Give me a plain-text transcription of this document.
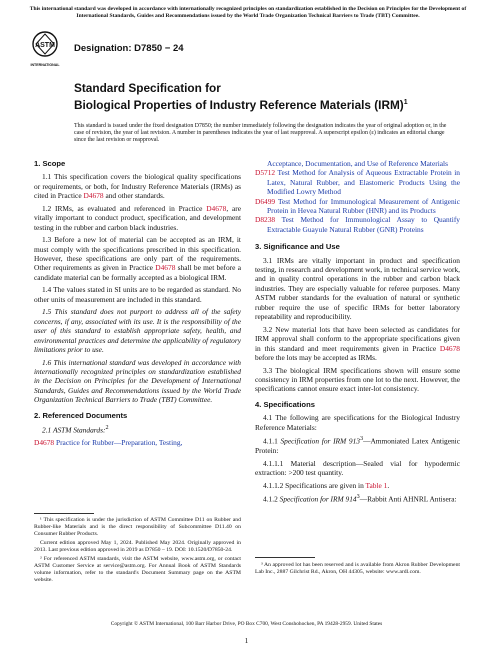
This international standard was developed in accordance with internationally recognized principles on standardization established in the Decision on Principles for the Development of International Standards, Guides and Recommendations issued by the World Trade Organization Technical Barriers to Trade (TBT) Committee.
ASTM
INTERNATIONAL
Designation: D7850 − 24
Standard Specification for
Biological Properties of Industry Reference Materials (IRM)$^1$
This standard is issued under the fixed designation D7850; the number immediately following the designation indicates the year of original adoption or, in the case of revision, the year of last revision. A number in parentheses indicates the year of last reapproval. A superscript epsilon (ε) indicates an editorial change since the last revision or reapproval.

1. Scope

1.1 This specification covers the biological quality specifications or requirements, or both, for Industry Reference Materials (IRMs) as cited in Practice D4678 and other standards.

1.2 IRMs, as evaluated and referenced in Practice D4678, are vitally important to conduct product, specification, and development testing in the rubber and carbon black industries.

1.3 Before a new lot of material can be accepted as an IRM, it must comply with the specifications prescribed in this specification. However, these specifications are only part of the requirements. Other requirements as given in Practice D4678 shall be met before a candidate material can be formally accepted as a biological IRM.

1.4 The values stated in SI units are to be regarded as standard. No other units of measurement are included in this standard.

1.5 This standard does not purport to address all of the safety concerns, if any, associated with its use. It is the responsibility of the user of this standard to establish appropriate safety, health, and environmental practices and determine the applicability of regulatory limitations prior to use.

1.6 This international standard was developed in accordance with internationally recognized principles on standardization established in the Decision on Principles for the Development of International Standards, Guides and Recommendations issued by the World Trade Organization Technical Barriers to Trade (TBT) Committee.

2. Referenced Documents

2.1 ASTM Standards:$^2$

D4678 Practice for Rubber—Preparation, Testing,

Acceptance, Documentation, and Use of Reference Materials

D5712 Test Method for Analysis of Aqueous Extractable Protein in Latex, Natural Rubber, and Elastomeric Products Using the Modified Lowry Method

D6499 Test Method for Immunological Measurement of Antigenic Protein in Hevea Natural Rubber (HNR) and its Products

D8238 Test Method for Immunological Assay to Quantify Extractable Guayule Natural Rubber (GNR) Proteins

3. Significance and Use

3.1 IRMs are vitally important in product and specification testing, in research and development work, in technical service work, and in quality control operations in the rubber and carbon black industries. They are especially valuable for referee purposes. Many ASTM rubber standards for the evaluation of natural or synthetic rubber require the use of specific IRMs for better laboratory repeatability and reproducibility.

3.2 New material lots that have been selected as candidates for IRM approval shall conform to the appropriate specifications given in this standard and meet requirements given in Practice D4678 before the lots may be accepted as IRMs.

3.3 The biological IRM specifications shown will ensure some consistency in IRM properties from one lot to the next. However, the specifications cannot ensure exact inter-lot consistency.

4. Specifications

4.1 The following are specifications for the Biological Industry Reference Materials:

4.1.1 Specification for IRM $913^3—Ammoniated$ Latex Antigenic Protein:

4.1.1.1 Material description—Sealed vial for hypodermic extraction: >200 test quantity.

4.1.1.2 Specifications are given in Table 1.

4.1.2 Specification for IRM $914^3—Rabbit$ Anti AHNRL Antisera:

¹ This specification is under the jurisdiction of ASTM Committee D11 on Rubber and Rubber-like Materials and is the direct responsibility of Subcommittee D11.40 on Consumer Rubber Products.

Current edition approved May 1, 2024. Published May 2024. Originally approved in 2013. Last previous edition approved in 2019 as D7850 – 19. DOI: 10.1520/D7850-24.

² For referenced ASTM standards, visit the ASTM website, www.astm.org, or contact ASTM Customer Service at service@astm.org. For Annual Book of ASTM Standards volume information, refer to the standard's Document Summary page on the ASTM website.

³ An approved lot has been reserved and is available from Akron Rubber Development Lab Inc., 2887 Gilchrist Rd., Akron, OH 44305, website: www.ardl.com.

Copyright © ASTM International, 100 Barr Harbor Drive, PO Box C700, West Conshohocken, PA 19428-2959. United States
1
